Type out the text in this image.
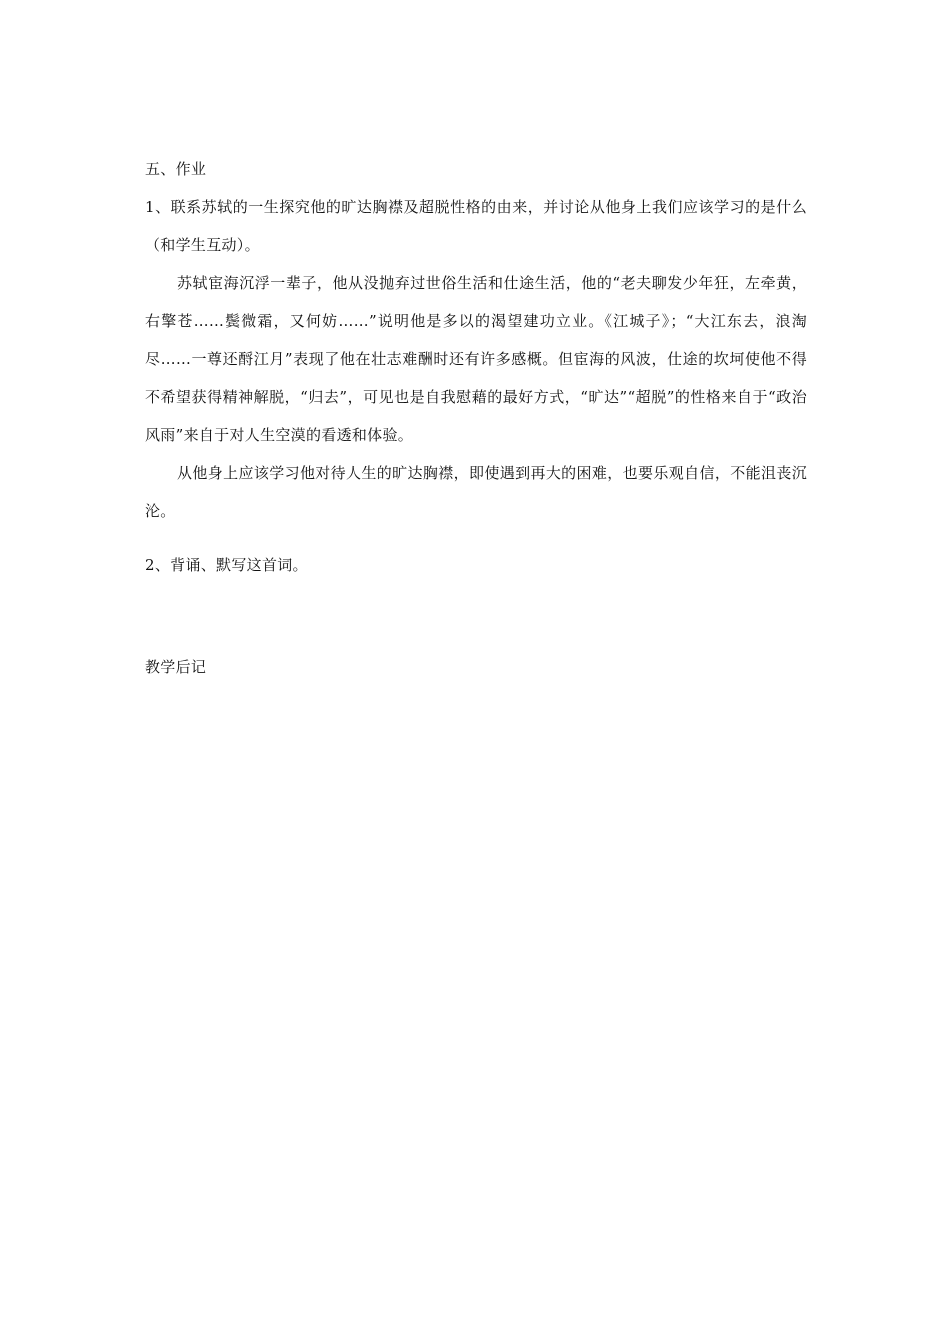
五、作业
1、联系苏轼的一生探究他的旷达胸襟及超脱性格的由来，并讨论从他身上我们应该学习的是什么（和学生互动）。
苏轼宦海沉浮一辈子，他从没抛弃过世俗生活和仕途生活，他的“老夫聊发少年狂，左牵黄，右擎苍……鬓微霜，又何妨……”说明他是多以的渴望建功立业。《江城子》；“大江东去，浪淘尽……一尊还酹江月”表现了他在壮志难酬时还有许多感概。但宦海的风波，仕途的坎坷使他不得不希望获得精神解脱，“归去”，可见也是自我慰藉的最好方式，“旷达”“超脱”的性格来自于“政治风雨”来自于对人生空漠的看透和体验。
从他身上应该学习他对待人生的旷达胸襟，即使遇到再大的困难，也要乐观自信，不能沮丧沉沦。
2、背诵、默写这首词。
教学后记
